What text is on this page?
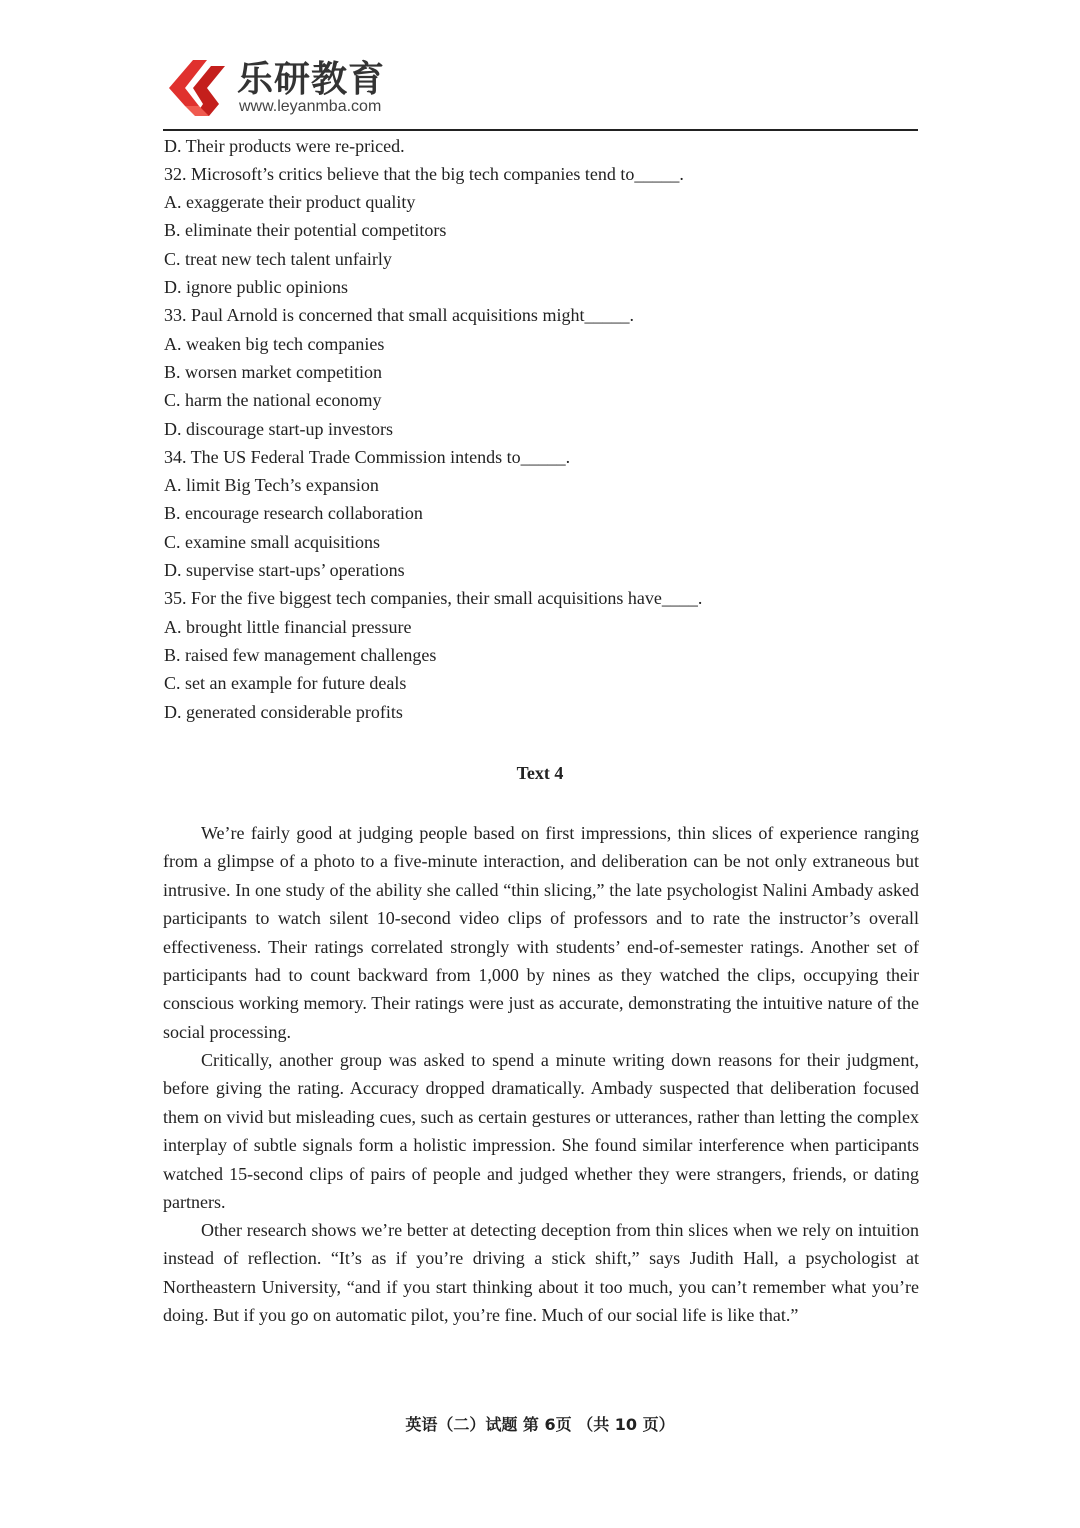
乐研教育
www.leyanmba.com
D. Their products were re-priced.
32. Microsoft’s critics believe that the big tech companies tend to_____.
A. exaggerate their product quality
B. eliminate their potential competitors
C. treat new tech talent unfairly
D. ignore public opinions
33. Paul Arnold is concerned that small acquisitions might_____.
A. weaken big tech companies
B. worsen market competition
C. harm the national economy
D. discourage start-up investors
34. The US Federal Trade Commission intends to_____.
A. limit Big Tech’s expansion
B. encourage research collaboration
C. examine small acquisitions
D. supervise start-ups’ operations
35. For the five biggest tech companies, their small acquisitions have____.
A. brought little financial pressure
B. raised few management challenges
C. set an example for future deals
D. generated considerable profits
Text 4

We’re fairly good at judging people based on first impressions, thin slices of experience ranging from a glimpse of a photo to a five-minute interaction, and deliberation can be not only extraneous but intrusive. In one study of the ability she called “thin slicing,” the late psychologist Nalini Ambady asked participants to watch silent 10-second video clips of professors and to rate the instructor’s overall effectiveness. Their ratings correlated strongly with students’ end-of-semester ratings. Another set of participants had to count backward from 1,000 by nines as they watched the clips, occupying their conscious working memory. Their ratings were just as accurate, demonstrating the intuitive nature of the social processing.

Critically, another group was asked to spend a minute writing down reasons for their judgment, before giving the rating. Accuracy dropped dramatically. Ambady suspected that deliberation focused them on vivid but misleading cues, such as certain gestures or utterances, rather than letting the complex interplay of subtle signals form a holistic impression. She found similar interference when participants watched 15-second clips of pairs of people and judged whether they were strangers, friends, or dating partners.

Other research shows we’re better at detecting deception from thin slices when we rely on intuition instead of reflection. “It’s as if you’re driving a stick shift,” says Judith Hall, a psychologist at Northeastern University, “and if you start thinking about it too much, you can’t remember what you’re doing. But if you go on automatic pilot, you’re fine. Much of our social life is like that.”

英语（二）试题 第 6页 （共 10 页）
